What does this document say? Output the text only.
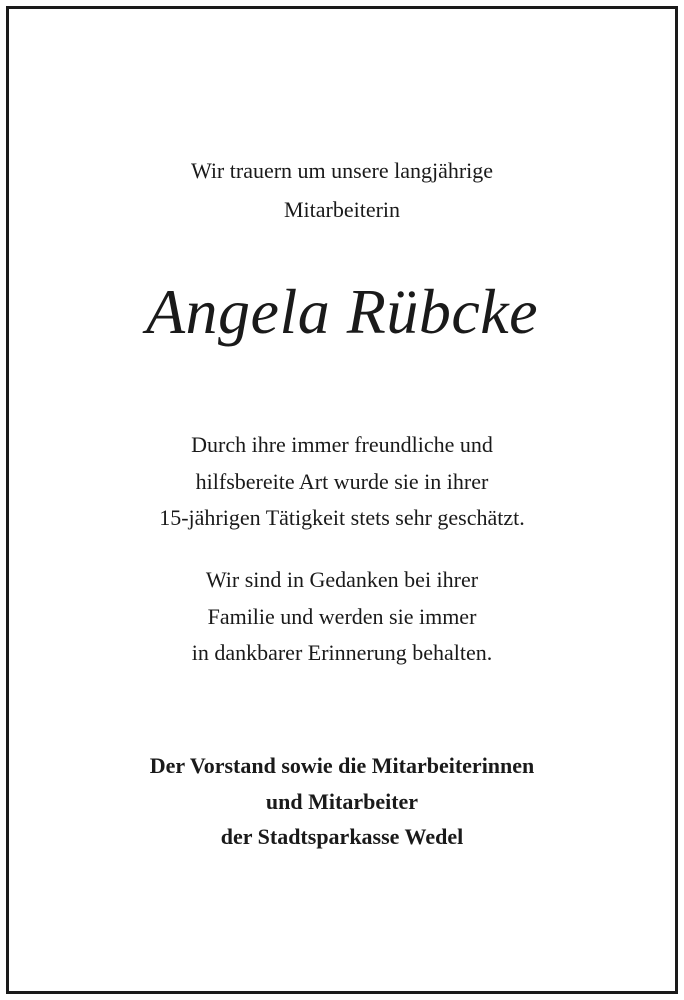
Wir trauern um unsere langjährige
Mitarbeiterin
Angela Rübcke
Durch ihre immer freundliche und
hilfsbereite Art wurde sie in ihrer
15-jährigen Tätigkeit stets sehr geschätzt.
Wir sind in Gedanken bei ihrer
Familie und werden sie immer
in dankbarer Erinnerung behalten.
Der Vorstand sowie die Mitarbeiterinnen
und Mitarbeiter
der Stadtsparkasse Wedel
